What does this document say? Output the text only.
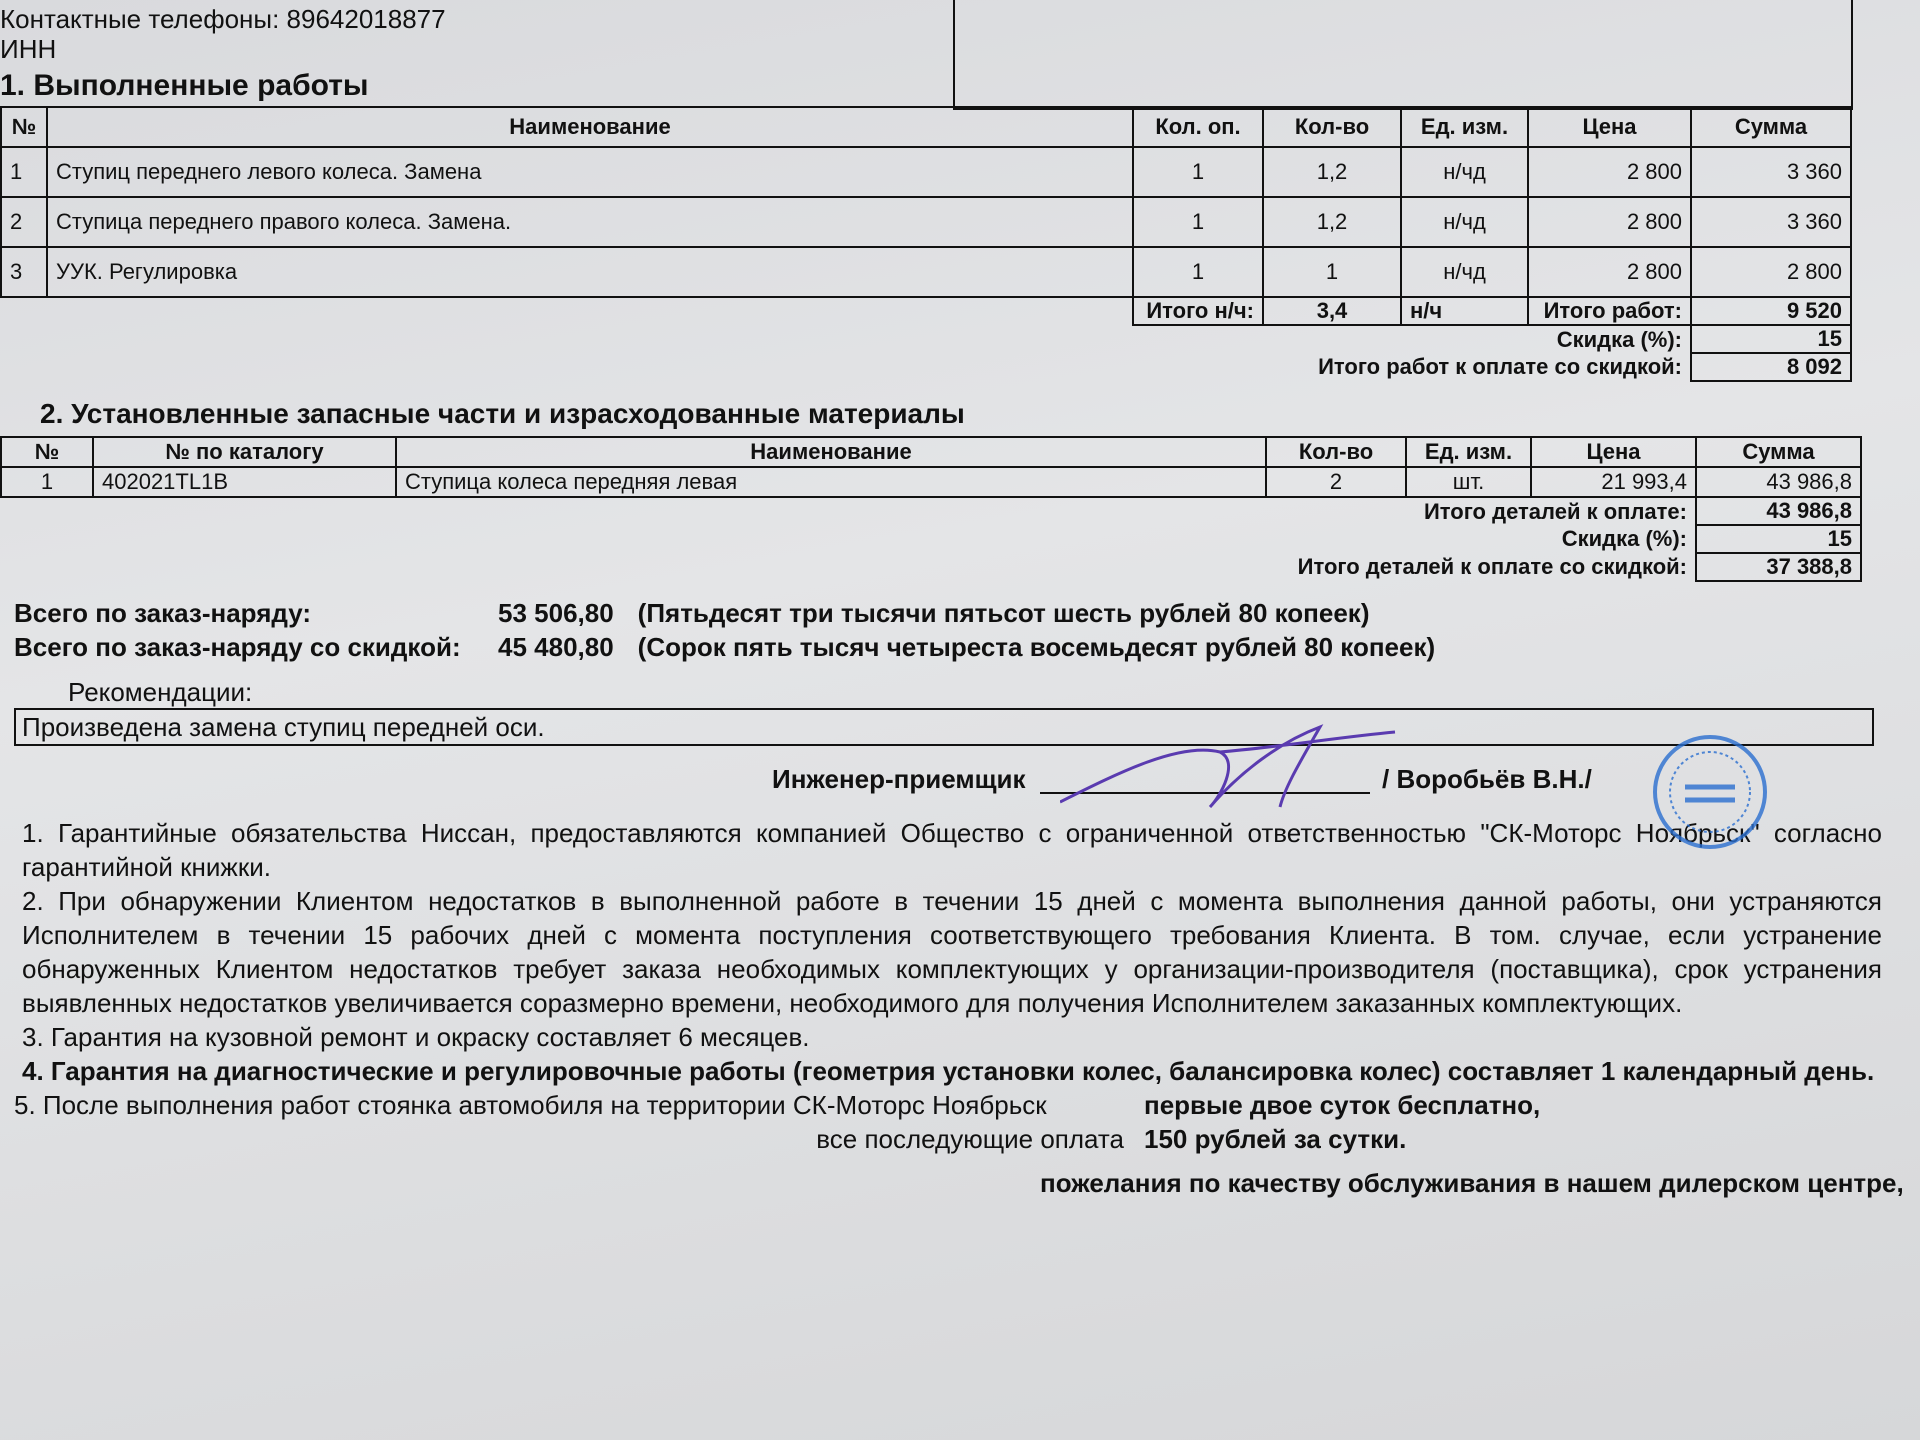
Контактные телефоны: 89642018877
ИНН
1. Выполненные работы
№	Наименование	Кол. оп.	Кол-во	Ед. изм.	Цена	Сумма
1	Ступиц переднего левого колеса. Замена	1	1,2	н/чд	2 800	3 360
2	Ступица переднего правого колеса. Замена.	1	1,2	н/чд	2 800	3 360
3	УУК. Регулировка	1	1	н/чд	2 800	2 800
		Итого н/ч:	3,4	н/ч	Итого работ:	9 520
Скидка (%):						15
Итого работ к оплате со скидкой:						8 092
2. Установленные запасные части и израсходованные материалы
№	№ по каталогу	Наименование	Кол-во	Ед. изм.	Цена	Сумма
1	402021TL1B	Ступица колеса передняя левая	2	шт.	21 993,4	43 986,8
Итого деталей к оплате:						43 986,8
Скидка (%):						15
Итого деталей к оплате со скидкой:						37 388,8
Всего по заказ-наряду:	53 506,80 (Пятьдесят три тысячи пятьсот шесть рублей 80 копеек)
Всего по заказ-наряду со скидкой:	45 480,80 (Сорок пять тысяч четыреста восемьдесят рублей 80 копеек)
Рекомендации:
Произведена замена ступиц передней оси.
Инженер-приемщик	/ Воробьёв В.Н./
1. Гарантийные обязательства Ниссан, предоставляются компанией Общество с ограниченной ответственностью "СК-Моторс Ноябрьск" согласно гарантийной книжки.
2. При обнаружении Клиентом недостатков в выполненной работе в течении 15 дней с момента выполнения данной работы, они устраняются Исполнителем в течении 15 рабочих дней с момента поступления соответствующего требования Клиента. В том. случае, если устранение обнаруженных Клиентом недостатков требует заказа необходимых комплектующих у организации-производителя (поставщика), срок устранения выявленных недостатков увеличивается соразмерно времени, необходимого для получения Исполнителем заказанных комплектующих.
3. Гарантия на кузовной ремонт и окраску составляет 6 месяцев.
4. Гарантия на диагностические и регулировочные работы (геометрия установки колес, балансировка колес) составляет 1 календарный день.
5. После выполнения работ стоянка автомобиля на территории СК-Моторс Ноябрьск	первые двое суток бесплатно,
все последующие оплата 150 рублей за сутки.
пожелания по качеству обслуживания в нашем дилерском центре,
